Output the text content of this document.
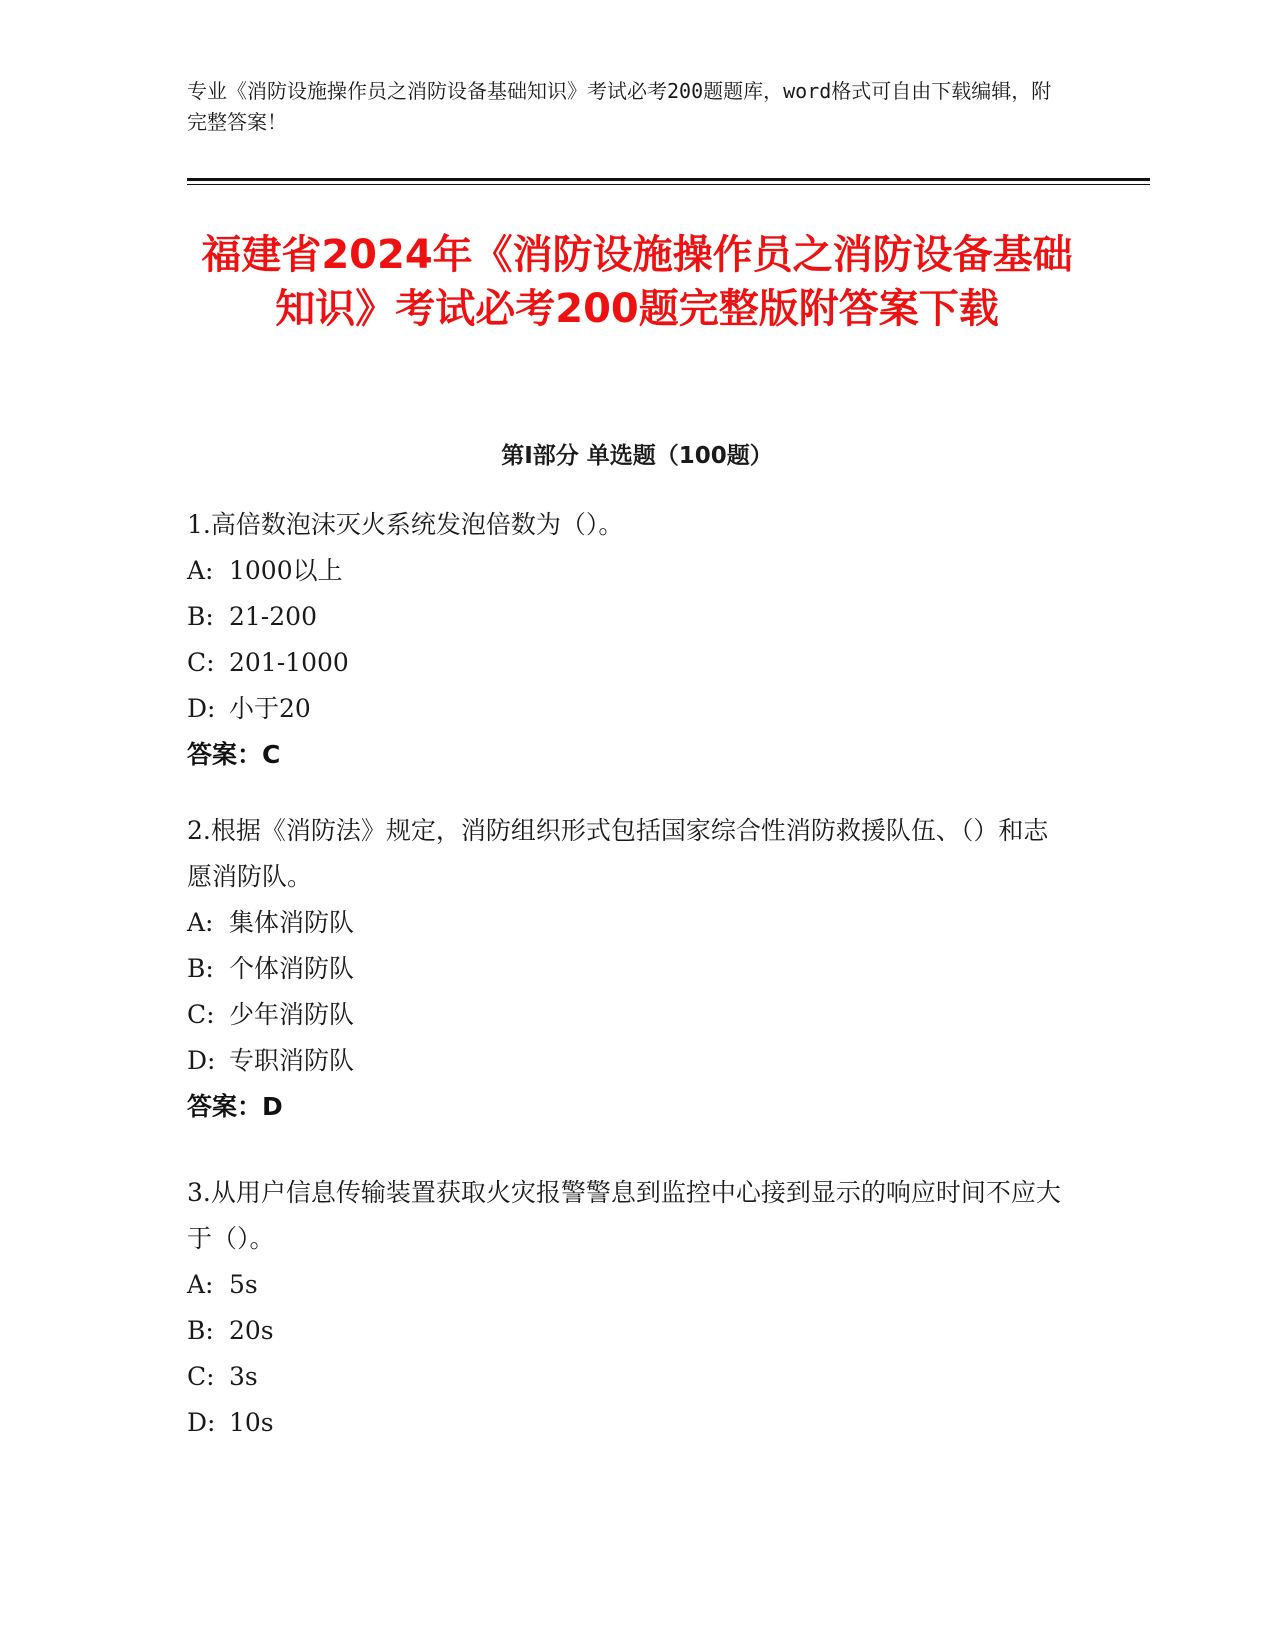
专业《消防设施操作员之消防设备基础知识》考试必考200题题库，word格式可自由下载编辑，附完整答案！

福建省2024年《消防设施操作员之消防设备基础知识》考试必考200题完整版附答案下载
第Ⅰ部分 单选题（100题）

1.高倍数泡沫灭火系统发泡倍数为（）。

A: 1000以上

B: 21-200

C: 201-1000

D: 小于20

答案：C

2.根据《消防法》规定，消防组织形式包括国家综合性消防救援队伍、（）和志愿消防队。

A: 集体消防队

B: 个体消防队

C: 少年消防队

D: 专职消防队

答案：D

3.从用户信息传输装置获取火灾报警警息到监控中心接到显示的响应时间不应大于（）。

A: 5s

B: 20s

C: 3s

D: 10s
